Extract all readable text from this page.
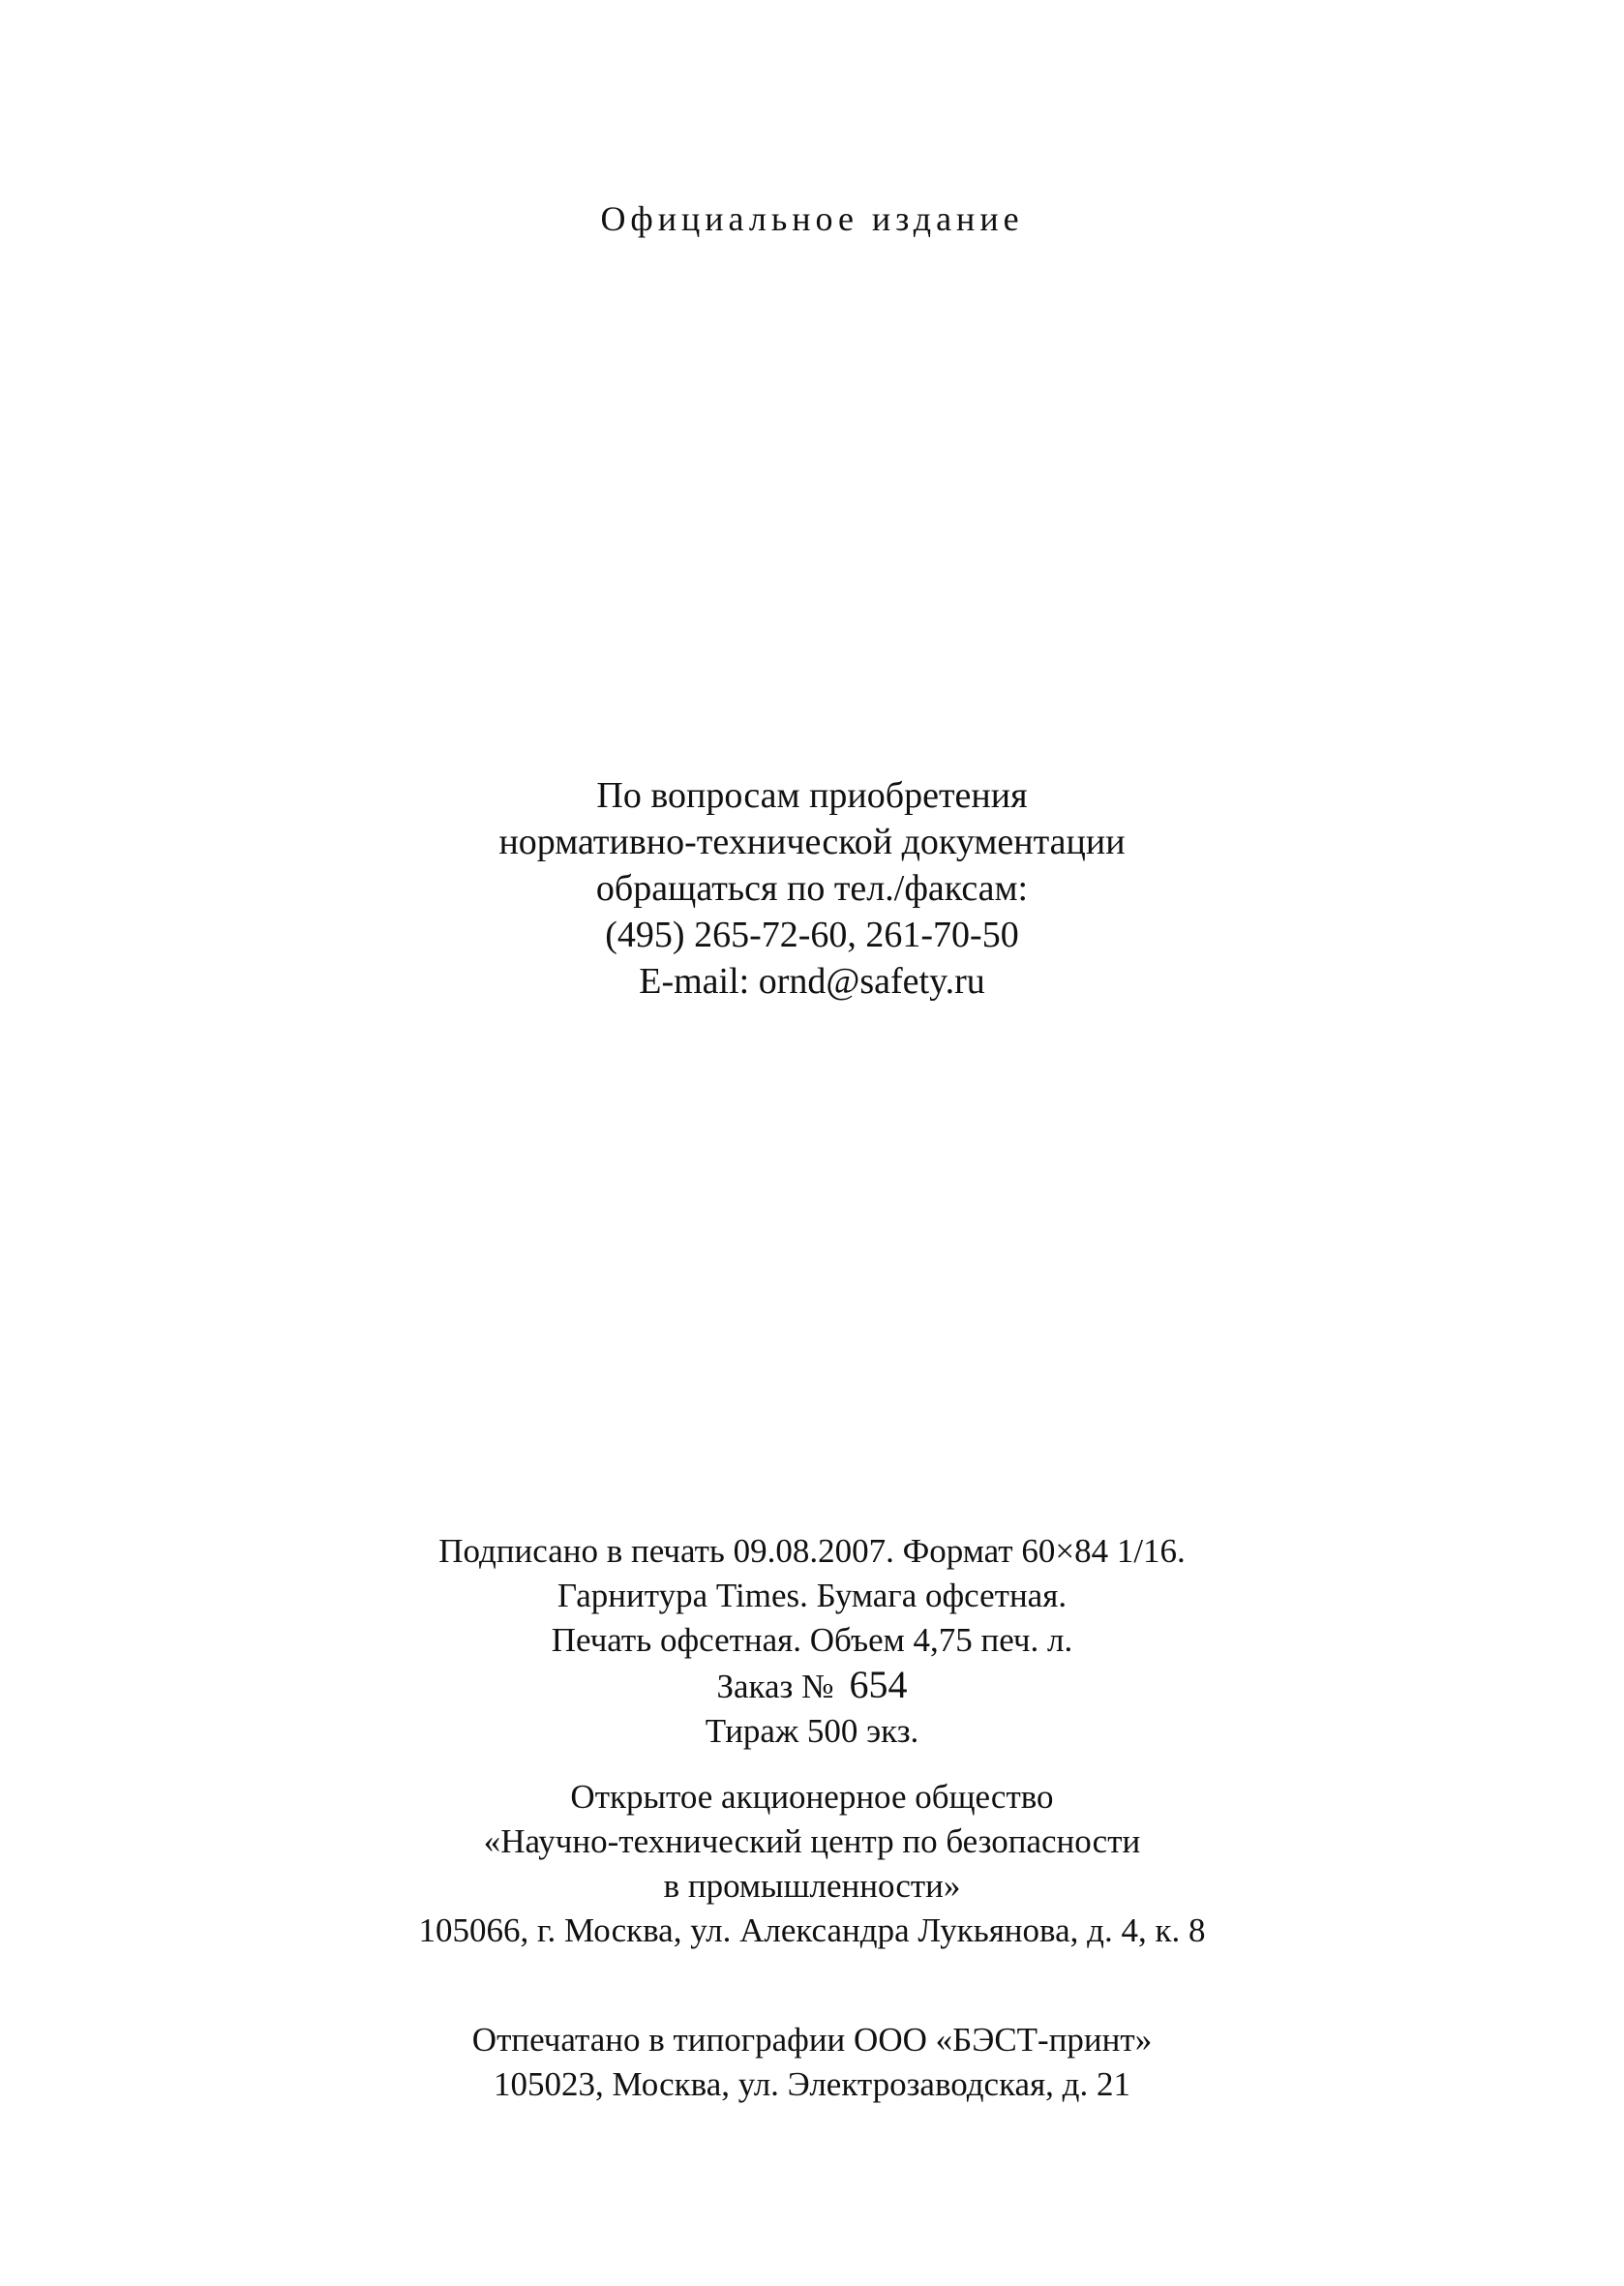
Официальное издание
По вопросам приобретения
нормативно-технической документации
обращаться по тел./факсам:
(495) 265-72-60, 261-70-50
E-mail: ornd@safety.ru
Подписано в печать 09.08.2007. Формат 60×84 1/16.
Гарнитура Times. Бумага офсетная.
Печать офсетная. Объем 4,75 печ. л.
Заказ № 654
Тираж 500 экз.
Открытое акционерное общество
«Научно-технический центр по безопасности
в промышленности»
105066, г. Москва, ул. Александра Лукьянова, д. 4, к. 8
Отпечатано в типографии ООО «БЭСТ-принт»
105023, Москва, ул. Электрозаводская, д. 21
